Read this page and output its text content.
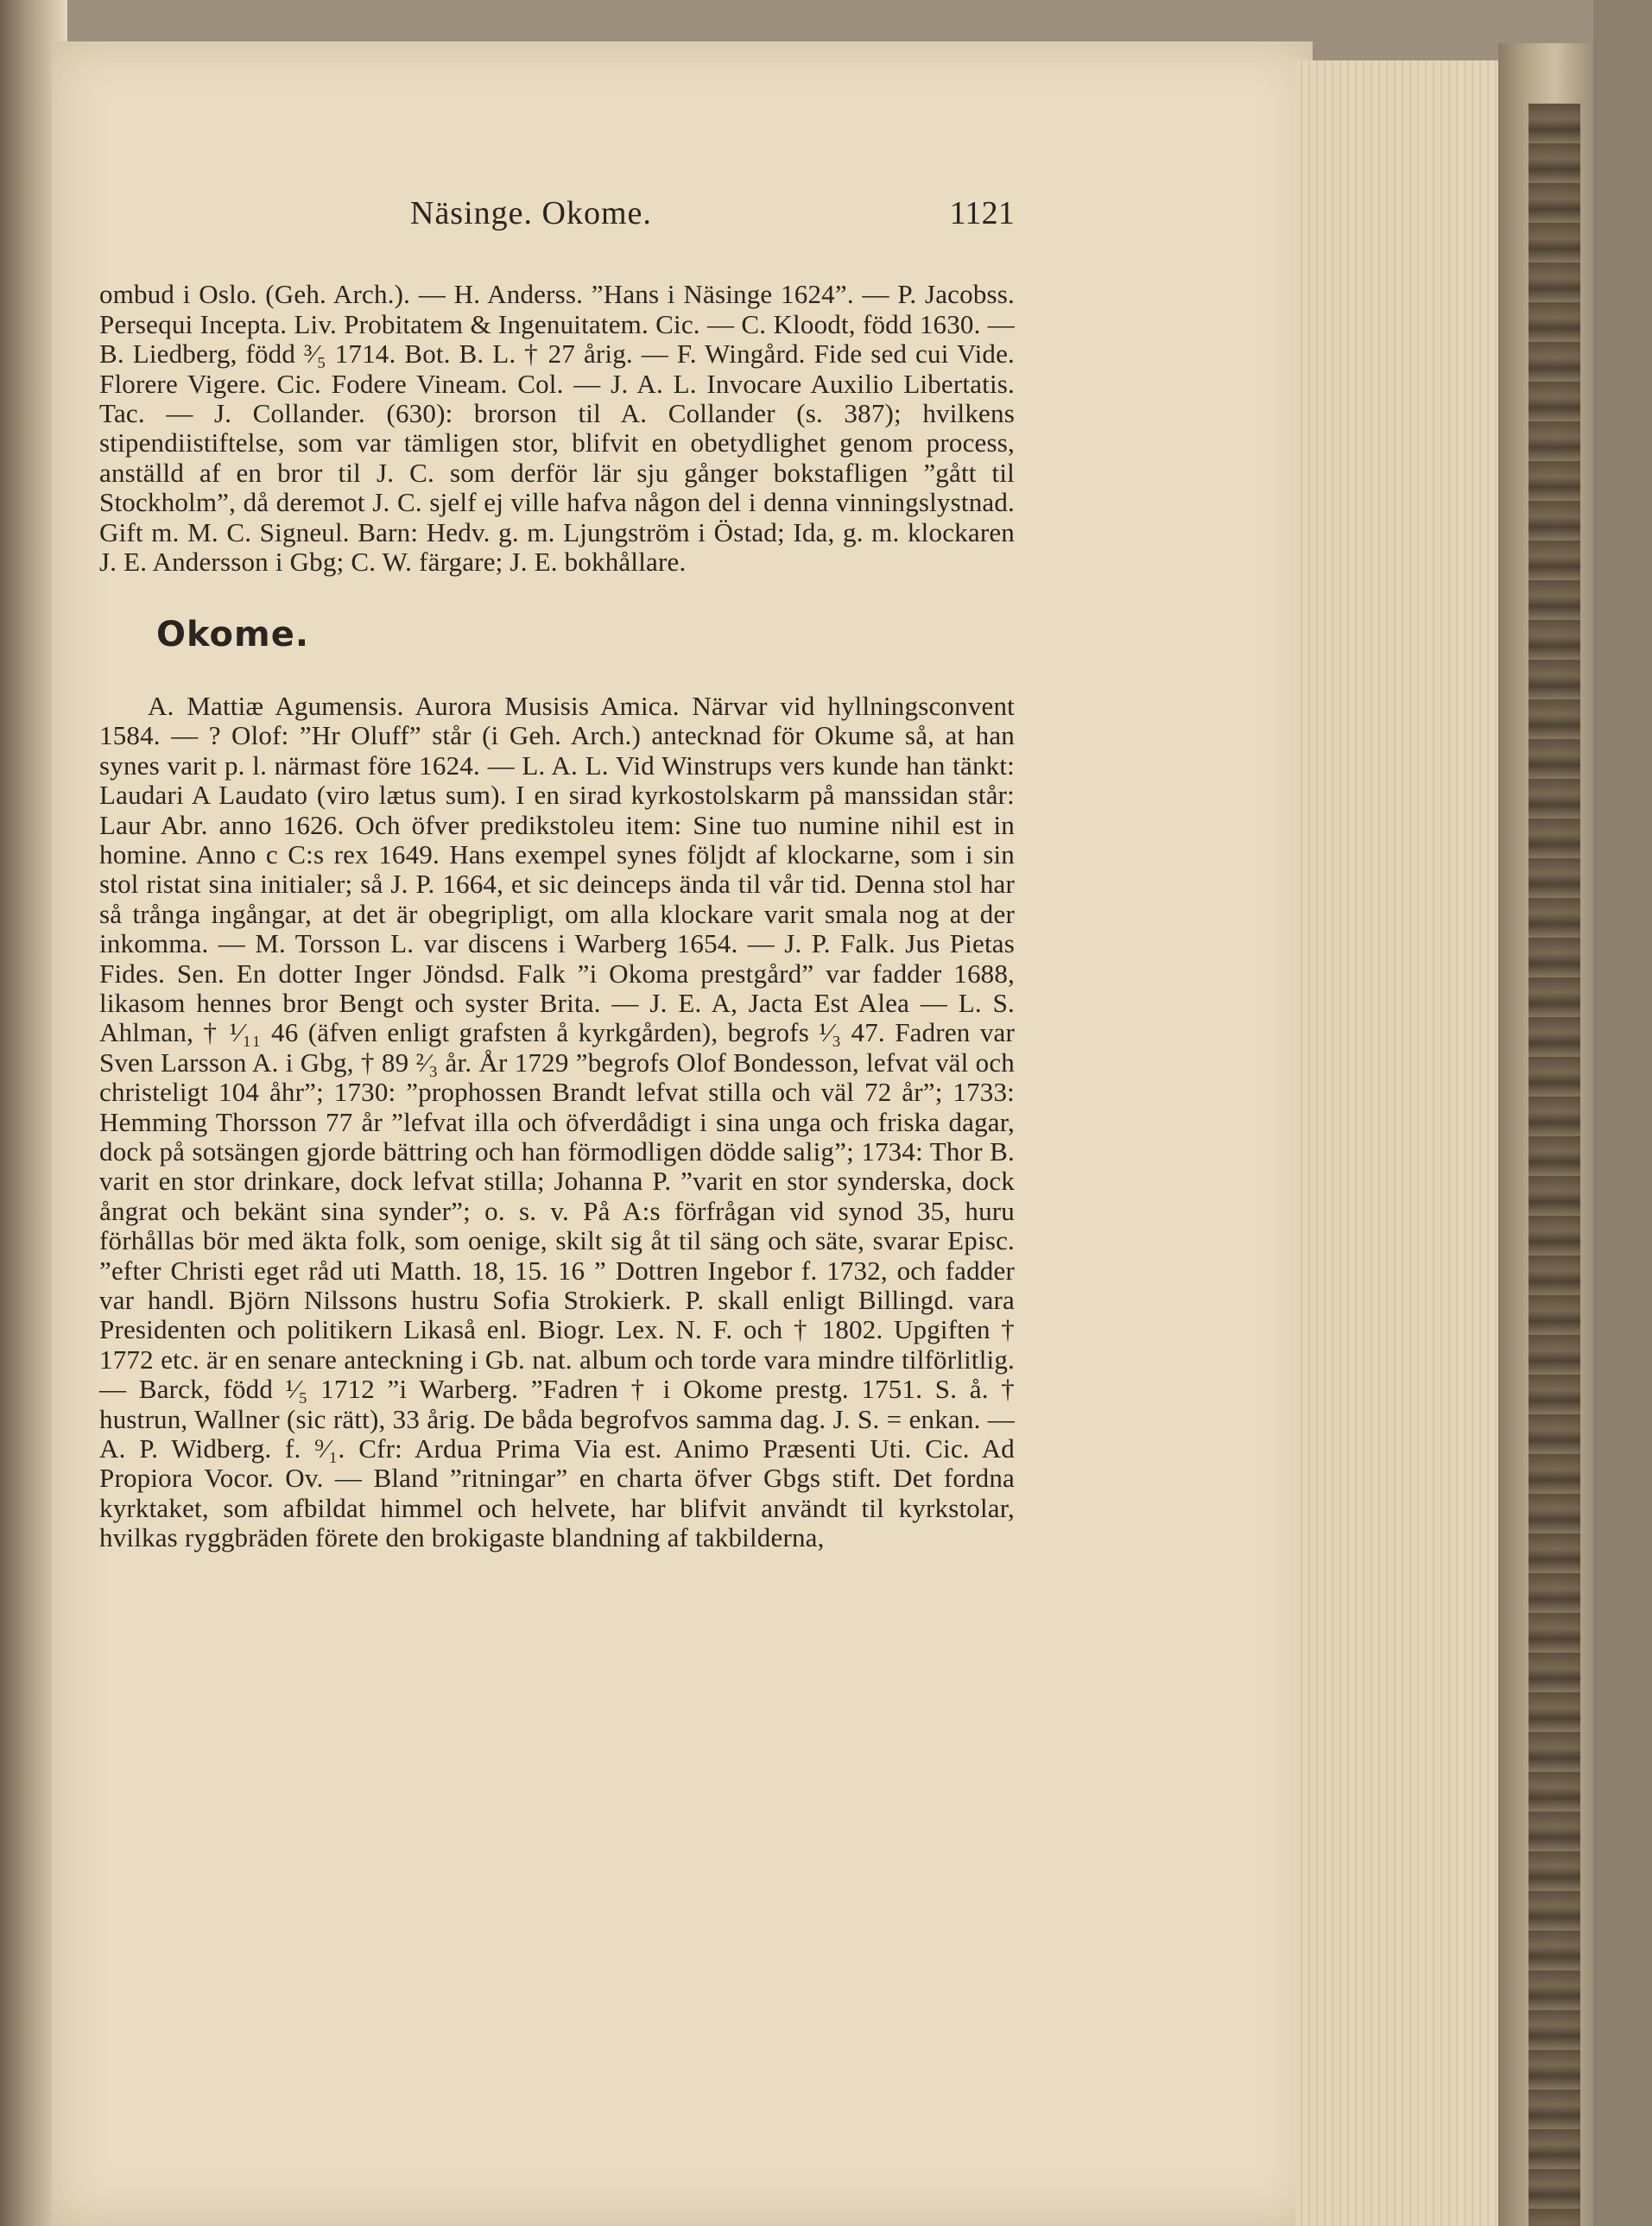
Näsinge. Okome.	1121

ombud i Oslo. (Geh. Arch.). — H. Anderss. ”Hans i Näsinge 1624”. — P. Jacobss. Persequi Incepta. Liv. Probitatem & Ingenuitatem. Cic. — C. Kloodt, född 1630. — B. Liedberg, född ³⁄₅ 1714. Bot. B. L. † 27 årig. — F. Wingård. Fide sed cui Vide. Florere Vigere. Cic. Fodere Vineam. Col. — J. A. L. Invocare Auxilio Libertatis. Tac. — J. Collander. (630): brorson til A. Collander (s. 387); hvilkens stipendiistiftelse, som var tämligen stor, blifvit en obetydlighet genom process, anställd af en bror til J. C. som derför lär sju gånger bokstafligen ”gått til Stockholm”, då deremot J. C. sjelf ej ville hafva någon del i denna vinningslystnad. Gift m. M. C. Signeul. Barn: Hedv. g. m. Ljungström i Östad; Ida, g. m. klockaren J. E. Andersson i Gbg; C. W. färgare; J. E. bokhållare.

Okome.

A. Mattiæ Agumensis. Aurora Musisis Amica. Närvar vid hyllningsconvent 1584. — ? Olof: ”Hr Oluff” står (i Geh. Arch.) antecknad för Okume så, at han synes varit p. l. närmast före 1624. — L. A. L. Vid Winstrups vers kunde han tänkt: Laudari A Laudato (viro lætus sum). I en sirad kyrkostolskarm på manssidan står: Laur Abr. anno 1626. Och öfver predikstoleu item: Sine tuo numine nihil est in homine. Anno c C:s rex 1649. Hans exempel synes följdt af klockarne, som i sin stol ristat sina initialer; så J. P. 1664, et sic deinceps ända til vår tid. Denna stol har så trånga ingångar, at det är obegripligt, om alla klockare varit smala nog at der inkomma. — M. Torsson L. var discens i Warberg 1654. — J. P. Falk. Jus Pietas Fides. Sen. En dotter Inger Jöndsd. Falk ”i Okoma prestgård” var fadder 1688, likasom hennes bror Bengt och syster Brita. — J. E. A, Jacta Est Alea — L. S. Ahlman, † ¹⁄₁₁ 46 (äfven enligt grafsten å kyrkgården), begrofs ¹⁄₃ 47. Fadren var Sven Larsson A. i Gbg, † 89 ²⁄₃ år. År 1729 ”begrofs Olof Bondesson, lefvat väl och christeligt 104 åhr”; 1730: ”prophossen Brandt lefvat stilla och väl 72 år”; 1733: Hemming Thorsson 77 år ”lefvat illa och öfverdådigt i sina unga och friska dagar, dock på sotsängen gjorde bättring och han förmodligen dödde salig”; 1734: Thor B. varit en stor drinkare, dock lefvat stilla; Johanna P. ”varit en stor synderska, dock ångrat och bekänt sina synder”; o. s. v. På A:s förfrågan vid synod 35, huru förhållas bör med äkta folk, som oenige, skilt sig åt til säng och säte, svarar Episc. ”efter Christi eget råd uti Matth. 18, 15. 16 ” Dottren Ingebor f. 1732, och fadder var handl. Björn Nilssons hustru Sofia Strokierk. P. skall enligt Billingd. vara Presidenten och politikern Likaså enl. Biogr. Lex. N. F. och † 1802. Upgiften † 1772 etc. är en senare anteckning i Gb. nat. album och torde vara mindre tilförlitlig. — Barck, född ¹⁄₅ 1712 ”i Warberg. ”Fadren † i Okome prestg. 1751. S. å. † hustrun, Wallner (sic rätt), 33 årig. De båda begrofvos samma dag. J. S. = enkan. — A. P. Widberg. f. ⁹⁄₁. Cfr: Ardua Prima Via est. Animo Præsenti Uti. Cic. Ad Propiora Vocor. Ov. — Bland ”ritningar” en charta öfver Gbgs stift. Det fordna kyrktaket, som afbildat himmel och helvete, har blifvit användt til kyrkstolar, hvilkas ryggbräden förete den brokigaste blandning af takbilderna,
